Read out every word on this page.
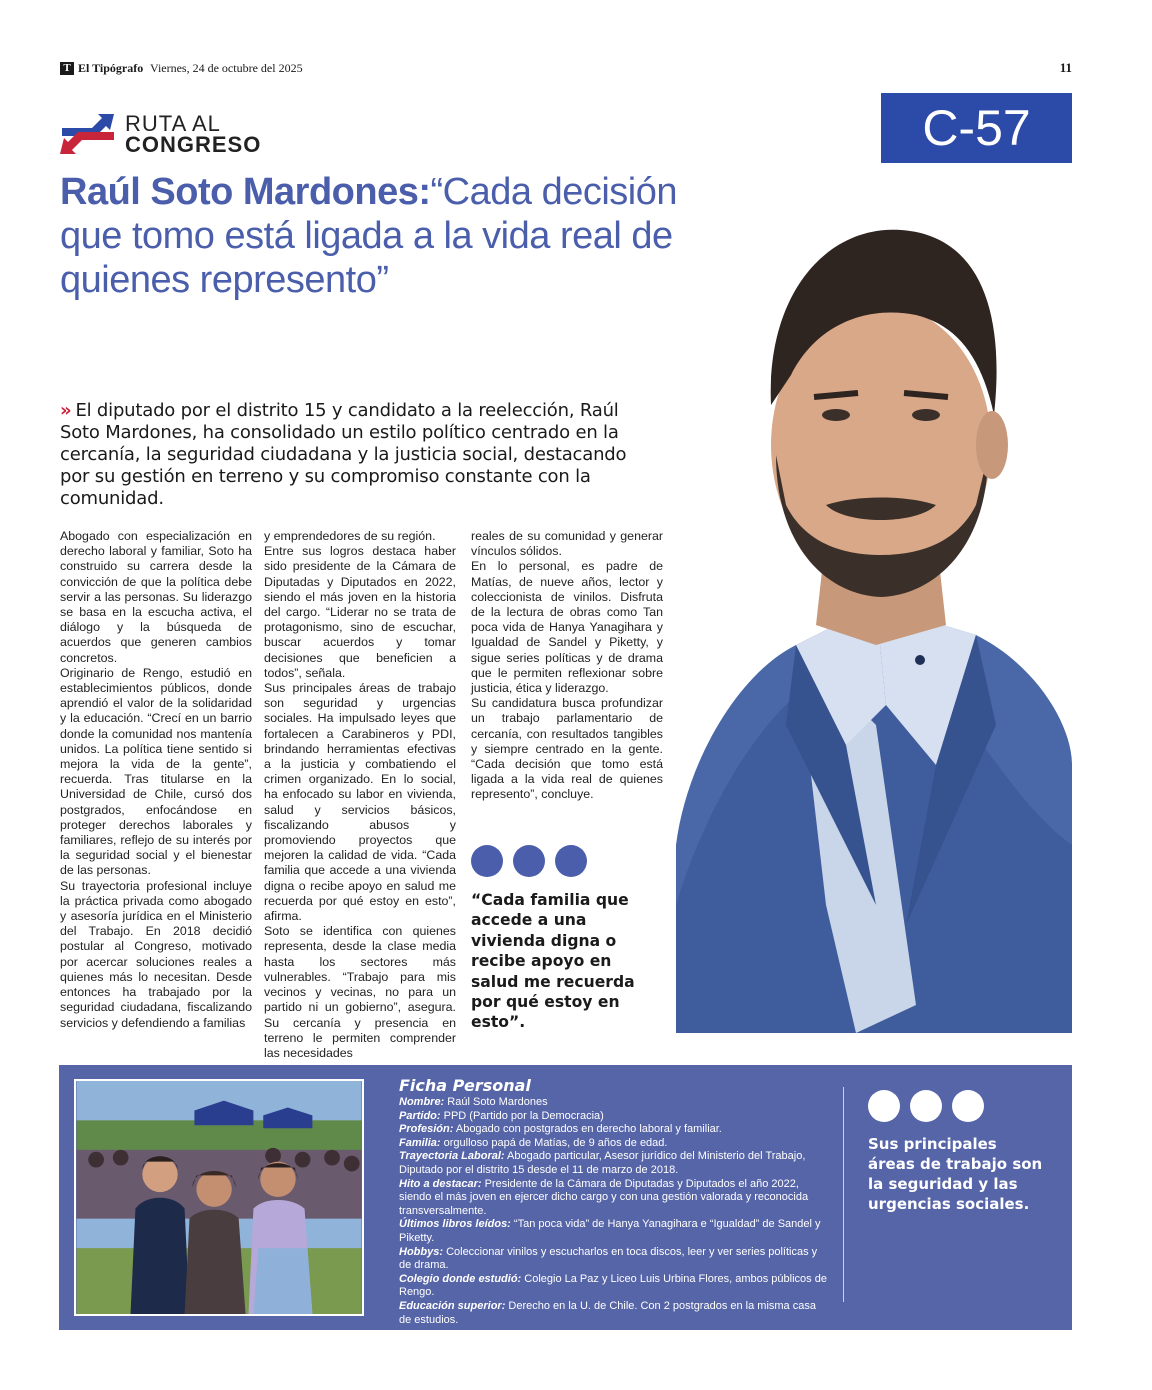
T El Tipógrafo Viernes, 24 de octubre del 2025	11
RUTA AL
CONGRESO	C-57
Raúl Soto Mardones:“Cada decisión que tomo está ligada a la vida real de quienes represento”

» El diputado por el distrito 15 y candidato a la reelección, Raúl Soto Mardones, ha consolidado un estilo político centrado en la cercanía, la seguridad ciudadana y la justicia social, destacando por su gestión en terreno y su compromiso constante con la comunidad.

Abogado con especialización en derecho laboral y familiar, Soto ha construido su carrera desde la convicción de que la política debe servir a las personas. Su liderazgo se basa en la escucha activa, el diálogo y la búsqueda de acuerdos que generen cambios concretos.

Originario de Rengo, estudió en establecimientos públicos, donde aprendió el valor de la solidaridad y la educación. “Crecí en un barrio donde la comunidad nos mantenía unidos. La política tiene sentido si mejora la vida de la gente”, recuerda. Tras titularse en la Universidad de Chile, cursó dos postgrados, enfocándose en proteger derechos laborales y familiares, reflejo de su interés por la seguridad social y el bienestar de las personas.

Su trayectoria profesional incluye la práctica privada como abogado y asesoría jurídica en el Ministerio del Trabajo. En 2018 decidió postular al Congreso, motivado por acercar soluciones reales a quienes más lo necesitan. Desde entonces ha trabajado por la seguridad ciudadana, fiscalizando servicios y defendiendo a familias

y emprendedores de su región.

Entre sus logros destaca haber sido presidente de la Cámara de Diputadas y Diputados en 2022, siendo el más joven en la historia del cargo. “Liderar no se trata de protagonismo, sino de escuchar, buscar acuerdos y tomar decisiones que beneficien a todos”, señala.

Sus principales áreas de trabajo son seguridad y urgencias sociales. Ha impulsado leyes que fortalecen a Carabineros y PDI, brindando herramientas efectivas a la justicia y combatiendo el crimen organizado. En lo social, ha enfocado su labor en vivienda, salud y servicios básicos, fiscalizando abusos y promoviendo proyectos que mejoren la calidad de vida. “Cada familia que accede a una vivienda digna o recibe apoyo en salud me recuerda por qué estoy en esto”, afirma.

Soto se identifica con quienes representa, desde la clase media hasta los sectores más vulnerables. “Trabajo para mis vecinos y vecinas, no para un partido ni un gobierno”, asegura. Su cercanía y presencia en terreno le permiten comprender las necesidades

reales de su comunidad y generar vínculos sólidos.

En lo personal, es padre de Matías, de nueve años, lector y coleccionista de vinilos. Disfruta de la lectura de obras como Tan poca vida de Hanya Yanagihara y Igualdad de Sandel y Piketty, y sigue series políticas y de drama que le permiten reflexionar sobre justicia, ética y liderazgo.

Su candidatura busca profundizar un trabajo parlamentario de cercanía, con resultados tangibles y siempre centrado en la gente. “Cada decisión que tomo está ligada a la vida real de quienes represento”, concluye.

“Cada familia que accede a una vivienda digna o recibe apoyo en salud me recuerda por qué estoy en esto”.

Ficha Personal
Nombre: Raúl Soto Mardones
Partido: PPD (Partido por la Democracia)
Profesión: Abogado con postgrados en derecho laboral y familiar.
Familia: orgulloso papá de Matías, de 9 años de edad.
Trayectoria Laboral: Abogado particular, Asesor jurídico del Ministerio del Trabajo, Diputado por el distrito 15 desde el 11 de marzo de 2018.
Hito a destacar: Presidente de la Cámara de Diputadas y Diputados el año 2022, siendo el más joven en ejercer dicho cargo y con una gestión valorada y reconocida transversalmente.
Últimos libros leídos: “Tan poca vida” de Hanya Yanagihara e “Igualdad” de Sandel y Piketty.
Hobbys: Coleccionar vinilos y escucharlos en toca discos, leer y ver series políticas y de drama.
Colegio donde estudió: Colegio La Paz y Liceo Luis Urbina Flores, ambos públicos de Rengo.
Educación superior: Derecho en la U. de Chile. Con 2 postgrados en la misma casa de estudios.

Sus principales áreas de trabajo son la seguridad y las urgencias sociales.
